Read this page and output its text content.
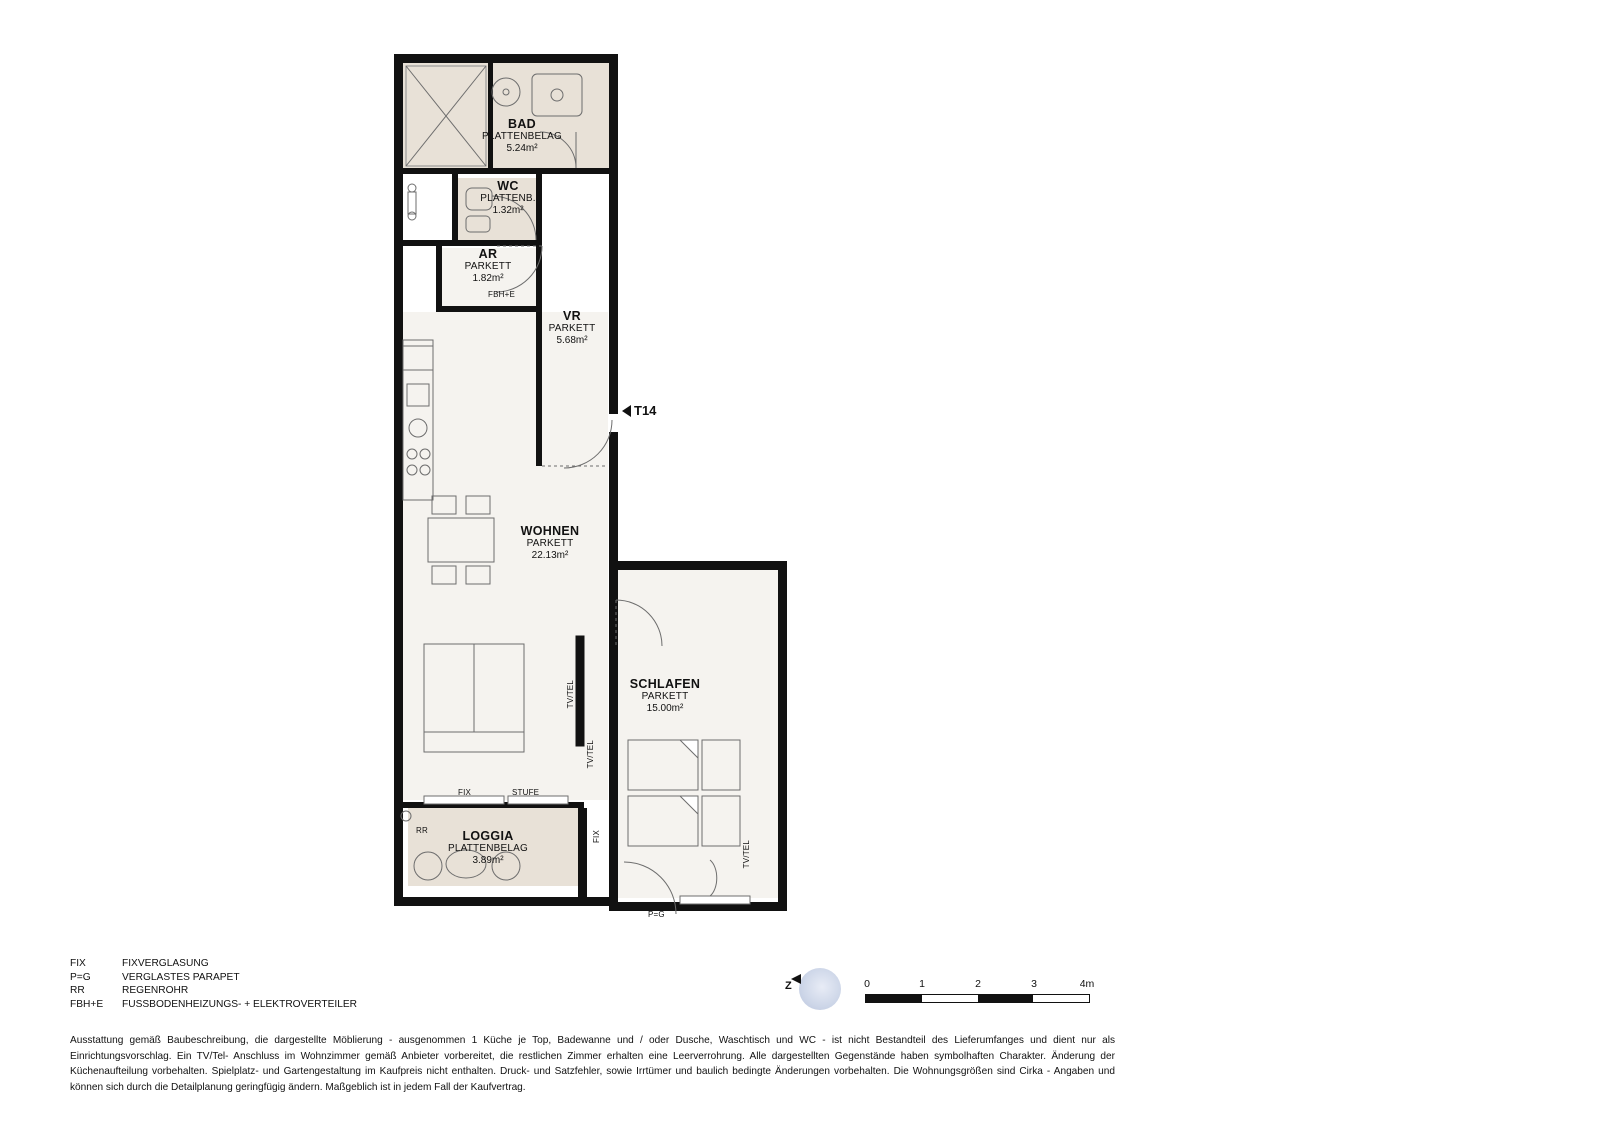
BAD
PLATTENBELAG
5.24m²
WC
PLATTENB.
1.32m²
AR
PARKETT
1.82m²
VR
PARKETT
5.68m²
WOHNEN
PARKETT
22.13m²
SCHLAFEN
PARKETT
15.00m²
LOGGIA
PLATTENBELAG
3.89m²
FBH+E
FIX	STUFE
RR
P=G
TV/TEL
TV/TEL
TV/TEL
FIX
T14
Z	0	1	2	3	4m
FIX	FIXVERGLASUNG
P=G	VERGLASTES PARAPET
RR	REGENROHR
FBH+E	FUSSBODENHEIZUNGS- + ELEKTROVERTEILER
Ausstattung gemäß Baubeschreibung, die dargestellte Möblierung - ausgenommen 1 Küche je Top, Badewanne und / oder Dusche, Waschtisch und WC - ist nicht Bestandteil des Lieferumfanges und dient nur als Einrichtungsvorschlag. Ein TV/Tel- Anschluss im Wohnzimmer gemäß Anbieter vorbereitet, die restlichen Zimmer erhalten eine Leerverrohrung. Alle dargestellten Gegenstände haben symbolhaften Charakter. Änderung der Küchenaufteilung vorbehalten. Spielplatz- und Gartengestaltung im Kaufpreis nicht enthalten. Druck- und Satzfehler, sowie Irrtümer und baulich bedingte Änderungen vorbehalten. Die Wohnungsgrößen sind Cirka - Angaben und können sich durch die Detailplanung geringfügig ändern. Maßgeblich ist in jedem Fall der Kaufvertrag.
